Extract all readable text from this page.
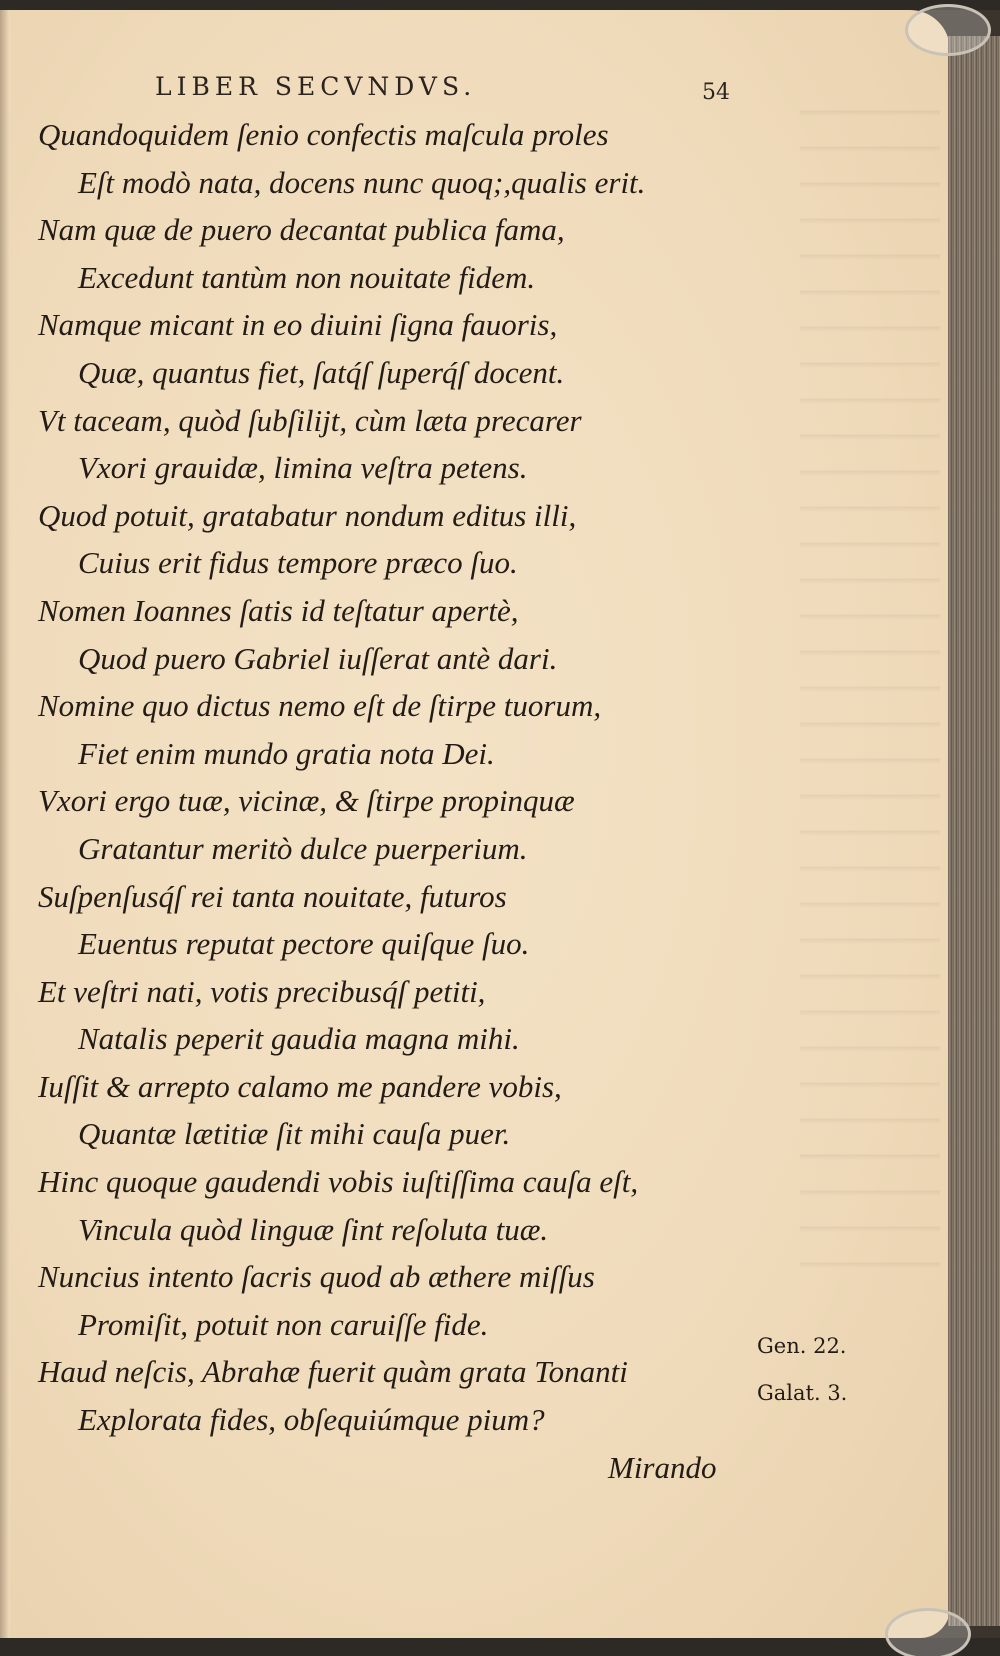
LIBER SECVNDVS.	54
Quandoquidem ſenio confectis maſcula proles
Eſt modò nata, docens nunc quoq;,qualis erit.
Nam quæ de puero decantat publica fama,
Excedunt tantùm non nouitate fidem.
Namque micant in eo diuini ſigna fauoris,
Quæ, quantus fiet, ſatq́ſ ſuperq́ſ docent.
Vt taceam, quòd ſubſiliјt, cùm læta precarer
Vxori grauidæ, limina veſtra petens.
Quod potuit, gratabatur nondum editus illi,
Cuius erit fidus tempore præco ſuo.
Nomen Ioannes ſatis id teſtatur apertè,
Quod puero Gabriel iuſſerat antè dari.
Nomine quo dictus nemo eſt de ſtirpe tuorum,
Fiet enim mundo gratia nota Dei.
Vxori ergo tuæ, vicinæ, & ſtirpe propinquæ
Gratantur meritò dulce puerperium.
Suſpenſusq́ſ rei tanta nouitate, futuros
Euentus reputat pectore quiſque ſuo.
Et veſtri nati, votis precibusq́ſ petiti,
Natalis peperit gaudia magna mihi.
Iuſſit & arrepto calamo me pandere vobis,
Quantæ lætitiæ ſit mihi cauſa puer.
Hinc quoque gaudendi vobis iuſtiſſima cauſa eſt,
Vincula quòd linguæ ſint reſoluta tuæ.
Nuncius intento ſacris quod ab æthere miſſus
Promiſit, potuit non caruiſſe fide.
Haud neſcis, Abrahæ fuerit quàm grata Tonanti
Explorata fides, obſequiúmque pium?
Mirando
Gen. 22.
Galat. 3.
